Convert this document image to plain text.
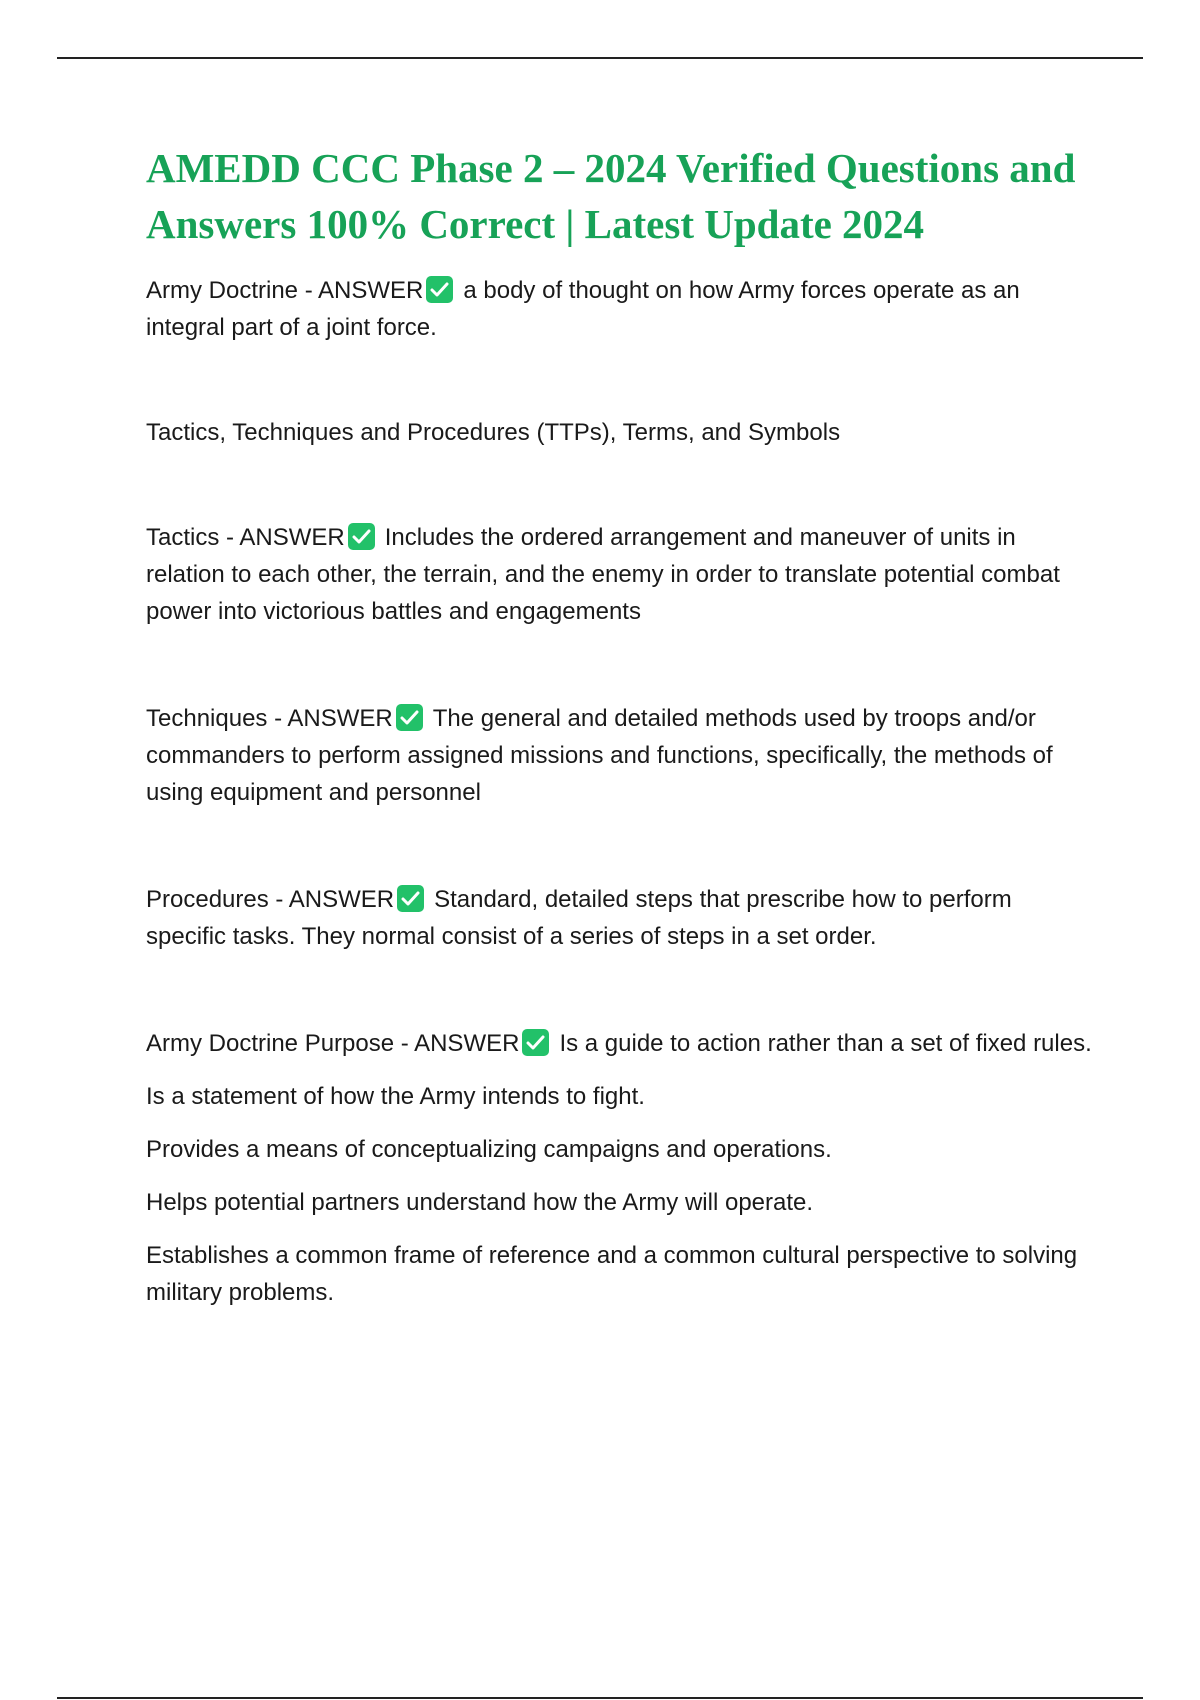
AMEDD CCC Phase 2 – 2024 Verified Questions and Answers 100% Correct | Latest Update 2024

Army Doctrine - ANSWER a body of thought on how Army forces operate as an integral part of a joint force.

Tactics, Techniques and Procedures (TTPs), Terms, and Symbols

Tactics - ANSWER Includes the ordered arrangement and maneuver of units in relation to each other, the terrain, and the enemy in order to translate potential combat power into victorious battles and engagements

Techniques - ANSWER The general and detailed methods used by troops and/or commanders to perform assigned missions and functions, specifically, the methods of using equipment and personnel

Procedures - ANSWER Standard, detailed steps that prescribe how to perform specific tasks. They normal consist of a series of steps in a set order.

Army Doctrine Purpose - ANSWER Is a guide to action rather than a set of fixed rules.

Is a statement of how the Army intends to fight.

Provides a means of conceptualizing campaigns and operations.

Helps potential partners understand how the Army will operate.

Establishes a common frame of reference and a common cultural perspective to solving military problems.
